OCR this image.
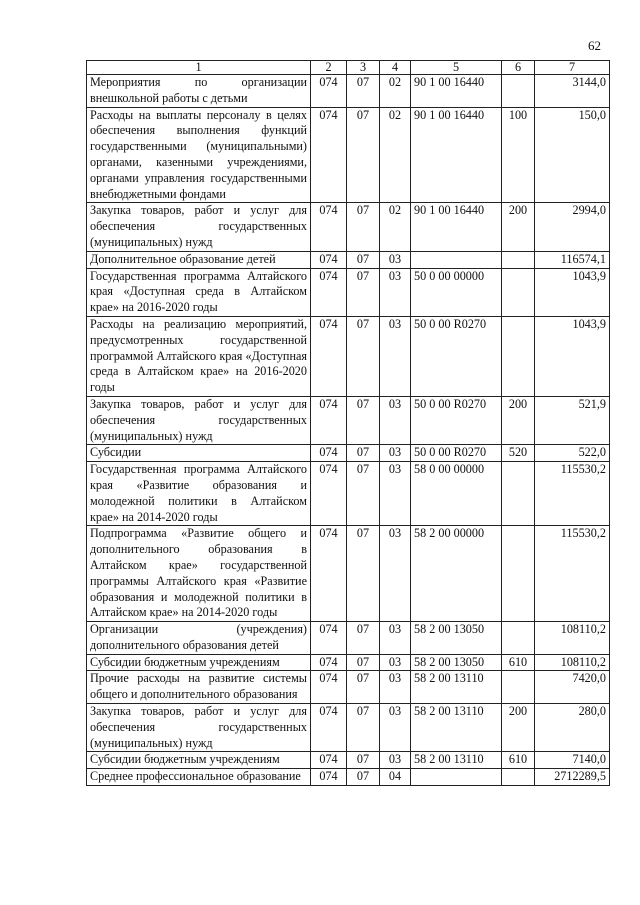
62
1	2	3	4	5	6	7
Мероприятия по организации внешкольной работы с детьми	074	07	02	90 1 00 16440		3144,0
Расходы на выплаты персоналу в целях обеспечения выполнения функций государственными (муниципальными) органами, казенными учреждениями, органами управления государственными внебюджетными фондами	074	07	02	90 1 00 16440	100	150,0
Закупка товаров, работ и услуг для обеспечения государственных (муниципальных) нужд	074	07	02	90 1 00 16440	200	2994,0
Дополнительное образование детей	074	07	03			116574,1
Государственная программа Алтайского края «Доступная среда в Алтайском крае» на 2016-2020 годы	074	07	03	50 0 00 00000		1043,9
Расходы на реализацию мероприятий, предусмотренных государственной программой Алтайского края «Доступная среда в Алтайском крае» на 2016-2020 годы	074	07	03	50 0 00 R0270		1043,9
Закупка товаров, работ и услуг для обеспечения государственных (муниципальных) нужд	074	07	03	50 0 00 R0270	200	521,9
Субсидии	074	07	03	50 0 00 R0270	520	522,0
Государственная программа Алтайского края «Развитие образования и молодежной политики в Алтайском крае» на 2014-2020 годы	074	07	03	58 0 00 00000		115530,2
Подпрограмма «Развитие общего и дополнительного образования в Алтайском крае» государственной программы Алтайского края «Развитие образования и молодежной политики в Алтайском крае» на 2014-2020 годы	074	07	03	58 2 00 00000		115530,2
Организации (учреждения) дополнительного образования детей	074	07	03	58 2 00 13050		108110,2
Субсидии бюджетным учреждениям	074	07	03	58 2 00 13050	610	108110,2
Прочие расходы на развитие системы общего и дополнительного образования	074	07	03	58 2 00 13110		7420,0
Закупка товаров, работ и услуг для обеспечения государственных (муниципальных) нужд	074	07	03	58 2 00 13110	200	280,0
Субсидии бюджетным учреждениям	074	07	03	58 2 00 13110	610	7140,0
Среднее профессиональное образование	074	07	04			2712289,5
